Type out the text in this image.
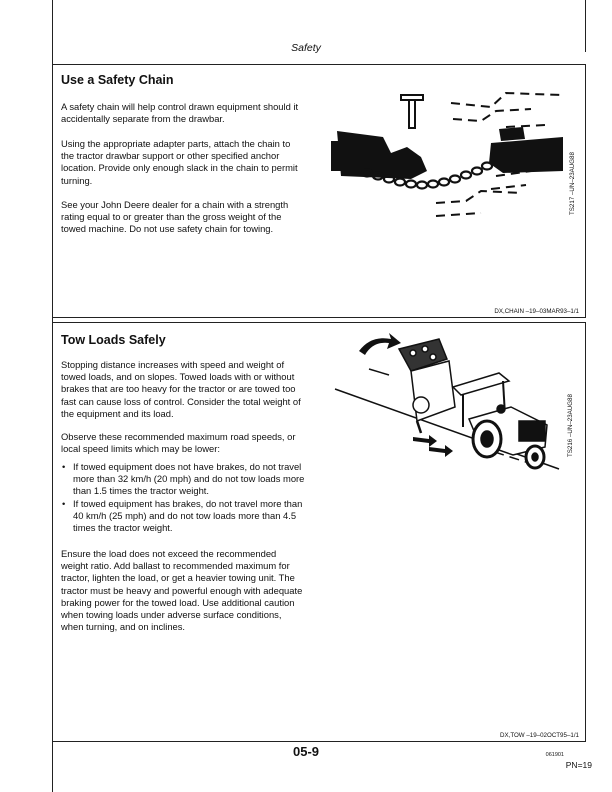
Safety
Use a Safety Chain
A safety chain will help control drawn equipment should it
accidentally separate from the drawbar.
Using the appropriate adapter parts, attach the chain to
the tractor drawbar support or other specified anchor
location. Provide only enough slack in the chain to permit
turning.
See your John Deere dealer for a chain with a strength
rating equal to or greater than the gross weight of the
towed machine. Do not use safety chain for towing.
TS217 –UN–23AUG88
DX,CHAIN –19–03MAR93–1/1
Tow Loads Safely
Stopping distance increases with speed and weight of
towed loads, and on slopes. Towed loads with or without
brakes that are too heavy for the tractor or are towed too
fast can cause loss of control. Consider the total weight of
the equipment and its load.
Observe these recommended maximum road speeds, or
local speed limits which may be lower:
• If towed equipment does not have brakes, do not travel
more than 32 km/h (20 mph) and do not tow loads more
than 1.5 times the tractor weight.
• If towed equipment has brakes, do not travel more than
40 km/h (25 mph) and do not tow loads more than 4.5
times the tractor weight.
Ensure the load does not exceed the recommended
weight ratio. Add ballast to recommended maximum for
tractor, lighten the load, or get a heavier towing unit. The
tractor must be heavy and powerful enough with adequate
braking power for the towed load. Use additional caution
when towing loads under adverse surface conditions,
when turning, and on inclines.
TS216 –UN–23AUG88
DX,TOW –19–02OCT95–1/1
05-9	061901
PN=19
